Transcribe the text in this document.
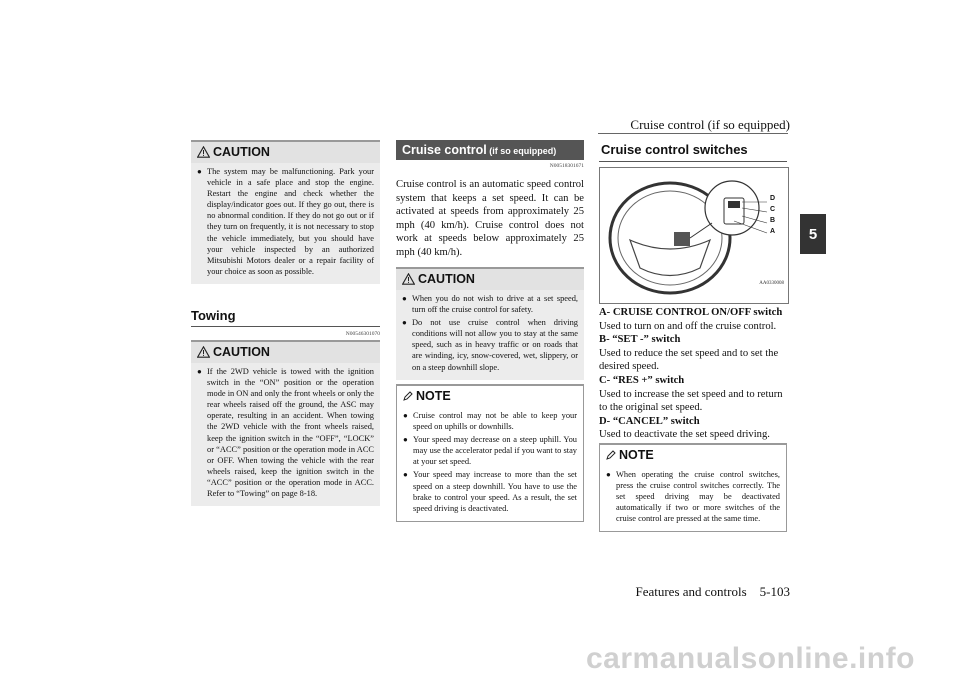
Cruise control (if so equipped)
Features and controls    5-103
5
CAUTION
● The system may be malfunctioning. Park your vehicle in a safe place and stop the engine. Restart the engine and check whether the display/indicator goes out. If they go out, there is no abnormal condition. If they do not go out or if they turn on frequently, it is not necessary to stop the vehicle immediately, but you should have your vehicle inspected by an authorized Mitsubishi Motors dealer or a repair facility of your choice as soon as possible.
Towing
N00546301070
CAUTION
● If the 2WD vehicle is towed with the ignition switch in the “ON” position or the operation mode in ON and only the front wheels or only the rear wheels raised off the ground, the ASC may operate, resulting in an accident. When towing the 2WD vehicle with the front wheels raised, keep the ignition switch in the “OFF”, “LOCK” or “ACC” position or the operation mode in ACC or OFF. When towing the vehicle with the rear wheels raised, keep the ignition switch in the “ACC” position or the operation mode in ACC. Refer to “Towing” on page 8-18.
Cruise control (if so equipped)
N00518301671
Cruise control is an automatic speed control system that keeps a set speed. It can be activated at speeds from approximately 25 mph (40 km/h). Cruise control does not work at speeds below approximately 25 mph (40 km/h).
CAUTION
● When you do not wish to drive at a set speed, turn off the cruise control for safety.
● Do not use cruise control when driving conditions will not allow you to stay at the same speed, such as in heavy traffic or on roads that are winding, icy, snow-covered, wet, slippery, or on a steep downhill slope.
NOTE
● Cruise control may not be able to keep your speed on uphills or downhills.
● Your speed may decrease on a steep uphill. You may use the accelerator pedal if you want to stay at your set speed.
● Your speed may increase to more than the set speed on a steep downhill. You have to use the brake to control your speed. As a result, the set speed driving is deactivated.
Cruise control switches
D
C
B
A
AA0330008
A- CRUISE CONTROL ON/OFF switch
Used to turn on and off the cruise control.
B- “SET -” switch
Used to reduce the set speed and to set the desired speed.
C- “RES +” switch
Used to increase the set speed and to return to the original set speed.
D- “CANCEL” switch
Used to deactivate the set speed driving.
NOTE
● When operating the cruise control switches, press the cruise control switches correctly. The set speed driving may be deactivated automatically if two or more switches of the cruise control are pressed at the same time.
carmanualsonline.info
